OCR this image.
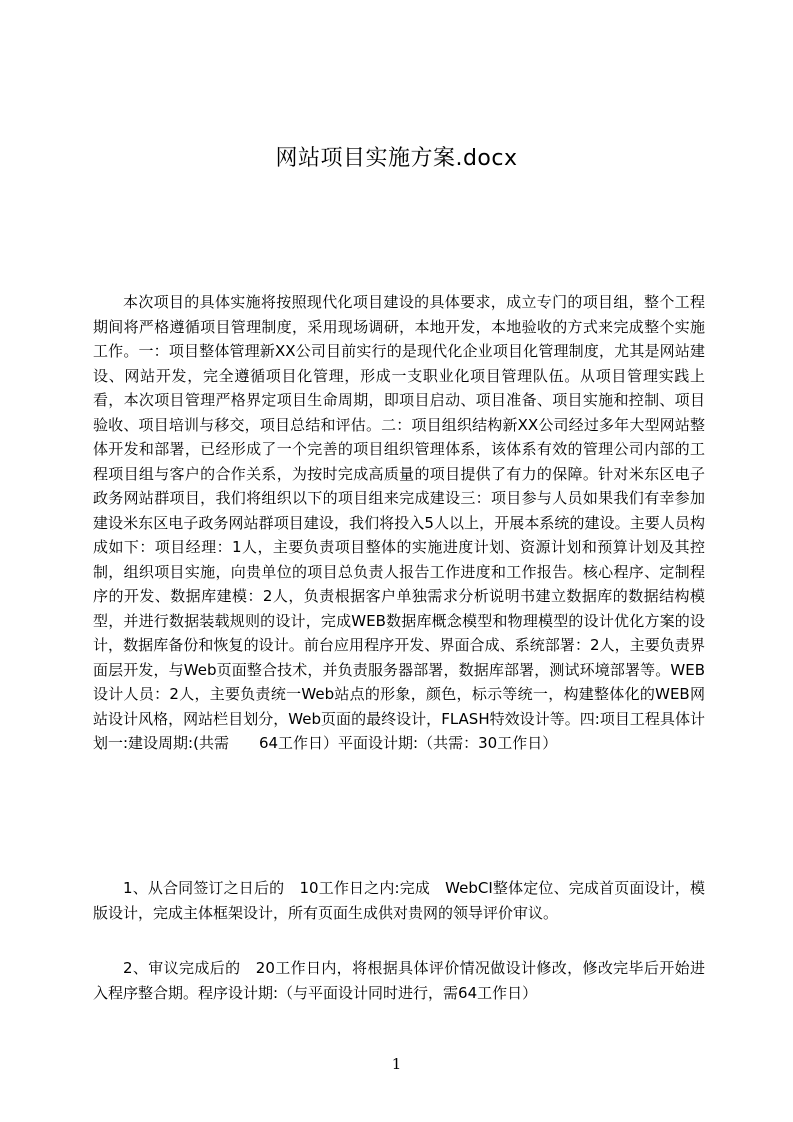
网站项目实施方案.docx

本次项目的具体实施将按照现代化项目建设的具体要求，成立专门的项目组，整个工程期间将严格遵循项目管理制度，采用现场调研，本地开发，本地验收的方式来完成整个实施工作。一：项目整体管理新XX公司目前实行的是现代化企业项目化管理制度，尤其是网站建设、网站开发，完全遵循项目化管理，形成一支职业化项目管理队伍。从项目管理实践上看，本次项目管理严格界定项目生命周期，即项目启动、项目准备、项目实施和控制、项目验收、项目培训与移交，项目总结和评估。二：项目组织结构新XX公司经过多年大型网站整体开发和部署，已经形成了一个完善的项目组织管理体系，该体系有效的管理公司内部的工程项目组与客户的合作关系，为按时完成高质量的项目提供了有力的保障。针对米东区电子政务网站群项目，我们将组织以下的项目组来完成建设三：项目参与人员如果我们有幸参加建设米东区电子政务网站群项目建设，我们将投入5人以上，开展本系统的建设。主要人员构成如下：项目经理：1人，主要负责项目整体的实施进度计划、资源计划和预算计划及其控制，组织项目实施，向贵单位的项目总负责人报告工作进度和工作报告。核心程序、定制程序的开发、数据库建模：2人，负责根据客户单独需求分析说明书建立数据库的数据结构模型，并进行数据装载规则的设计，完成WEB数据库概念模型和物理模型的设计优化方案的设计，数据库备份和恢复的设计。前台应用程序开发、界面合成、系统部署：2人，主要负责界面层开发，与Web页面整合技术，并负责服务器部署，数据库部署，测试环境部署等。WEB设计人员：2人，主要负责统一Web站点的形象，颜色，标示等统一，构建整体化的WEB网站设计风格，网站栏目划分，Web页面的最终设计，FLASH特效设计等。四:项目工程具体计划一:建设周期:(共需　　64工作日）平面设计期:（共需：30工作日）

1、从合同签订之日后的　10工作日之内:完成　WebCI整体定位、完成首页面设计，模版设计，完成主体框架设计，所有页面生成供对贵网的领导评价审议。

2、审议完成后的　20工作日内，将根据具体评价情况做设计修改，修改完毕后开始进入程序整合期。程序设计期:（与平面设计同时进行，需64工作日）

1
